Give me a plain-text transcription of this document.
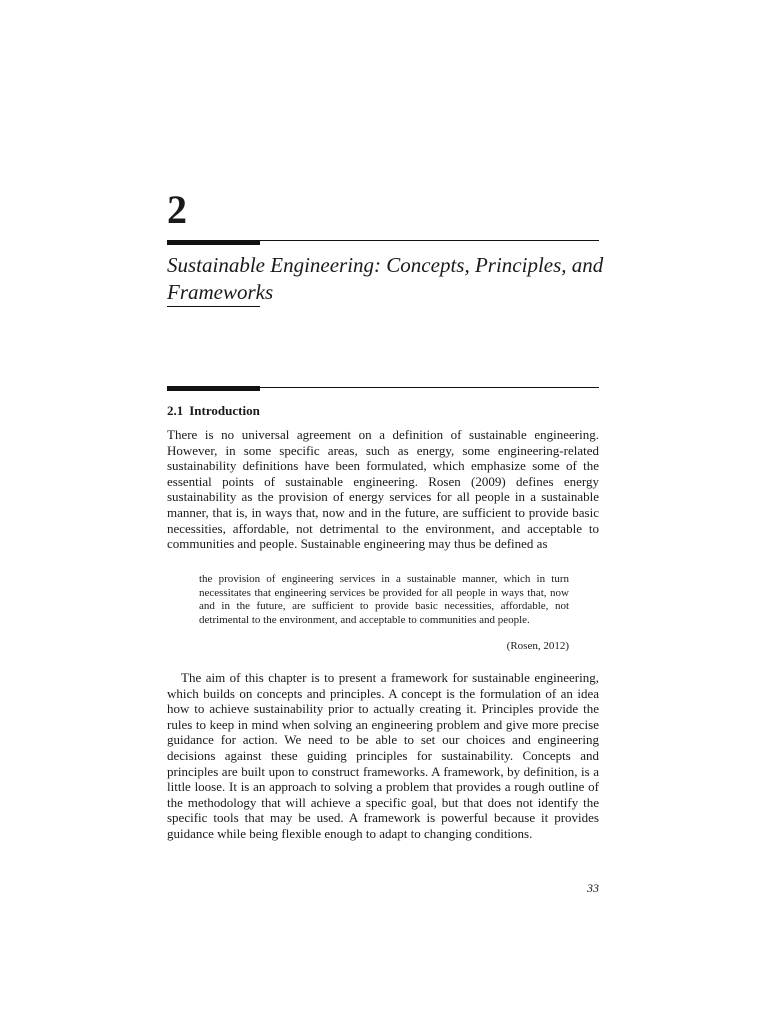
2
Sustainable Engineering: Concepts, Principles, and Frameworks
2.1 Introduction

There is no universal agreement on a definition of sustainable engineering. However, in some specific areas, such as energy, some engineering-related sustainability definitions have been formulated, which emphasize some of the essential points of sustainable engineering. Rosen (2009) defines energy sustainability as the provision of energy services for all people in a sustainable manner, that is, in ways that, now and in the future, are sufficient to provide basic necessities, affordable, not detrimental to the environment, and acceptable to communities and people. Sustainable engineering may thus be defined as

the provision of engineering services in a sustainable manner, which in turn necessitates that engineering services be provided for all people in ways that, now and in the future, are sufficient to provide basic necessities, affordable, not detrimental to the environment, and acceptable to communities and people.

(Rosen, 2012)

The aim of this chapter is to present a framework for sustainable engineering, which builds on concepts and principles. A concept is the formulation of an idea how to achieve sustainability prior to actually creating it. Principles provide the rules to keep in mind when solving an engineering problem and give more precise guidance for action. We need to be able to set our choices and engineering decisions against these guiding principles for sustainability. Concepts and principles are built upon to construct frameworks. A framework, by definition, is a little loose. It is an approach to solving a problem that provides a rough outline of the methodology that will achieve a specific goal, but that does not identify the specific tools that may be used. A framework is powerful because it provides guidance while being flexible enough to adapt to changing conditions.

33
